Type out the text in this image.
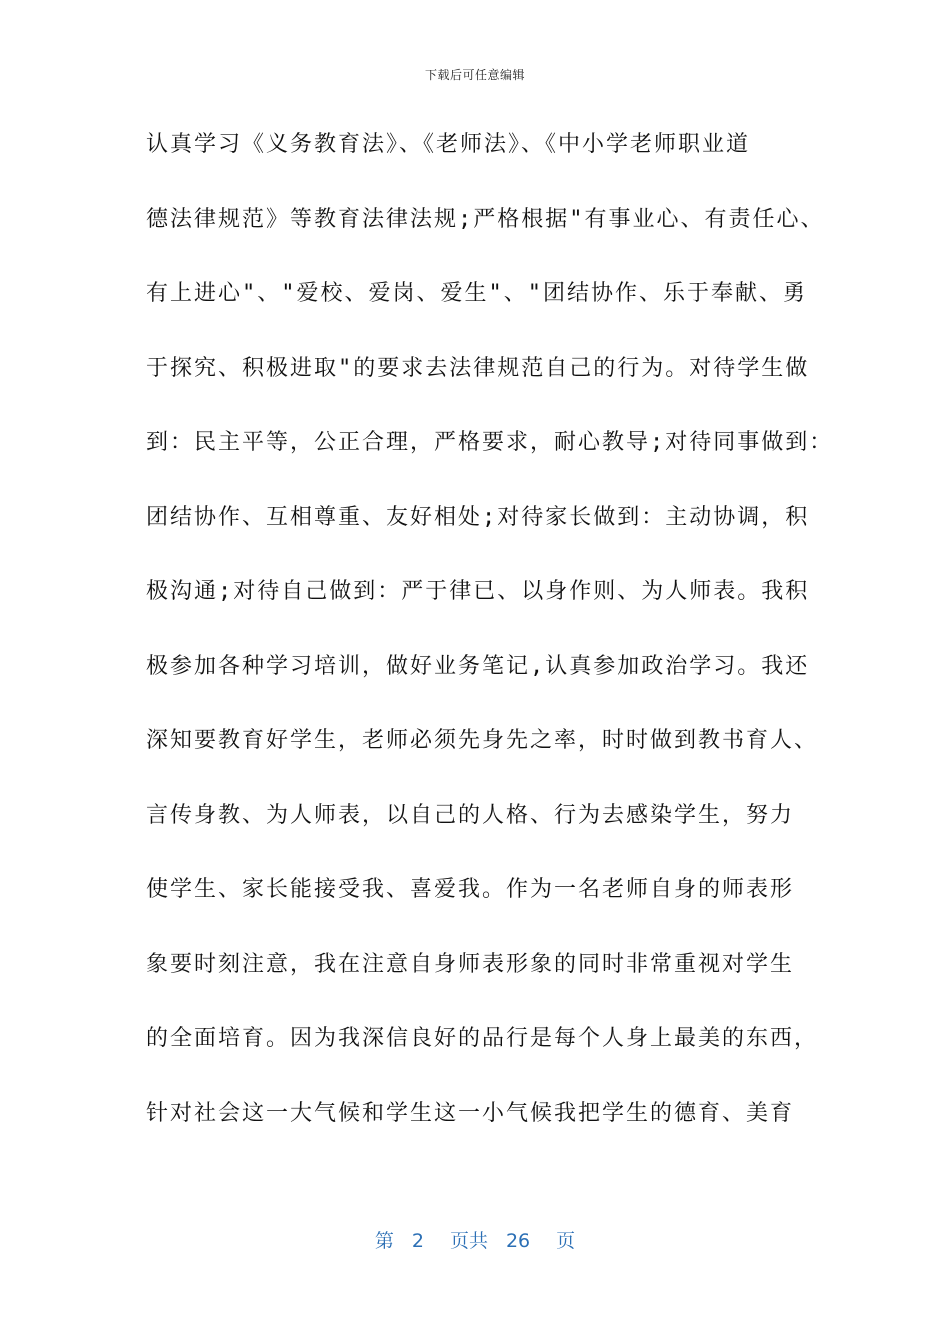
下载后可任意编辑
认真学习《义务教育法》、《老师法》、《中小学老师职业道
德法律规范》等教育法律法规;严格根据"有事业心、有责任心、
有上进心"、"爱校、爱岗、爱生"、"团结协作、乐于奉献、勇
于探究、积极进取"的要求去法律规范自己的行为。对待学生做
到：民主平等，公正合理，严格要求，耐心教导;对待同事做到：
团结协作、互相尊重、友好相处;对待家长做到：主动协调，积
极沟通;对待自己做到：严于律已、以身作则、为人师表。我积
极参加各种学习培训，做好业务笔记,认真参加政治学习。我还
深知要教育好学生，老师必须先身先之率，时时做到教书育人、
言传身教、为人师表，以自己的人格、行为去感染学生，努力
使学生、家长能接受我、喜爱我。作为一名老师自身的师表形
象要时刻注意，我在注意自身师表形象的同时非常重视对学生
的全面培育。因为我深信良好的品行是每个人身上最美的东西，
针对社会这一大气候和学生这一小气候我把学生的德育、美育
第 2 页共 26 页
